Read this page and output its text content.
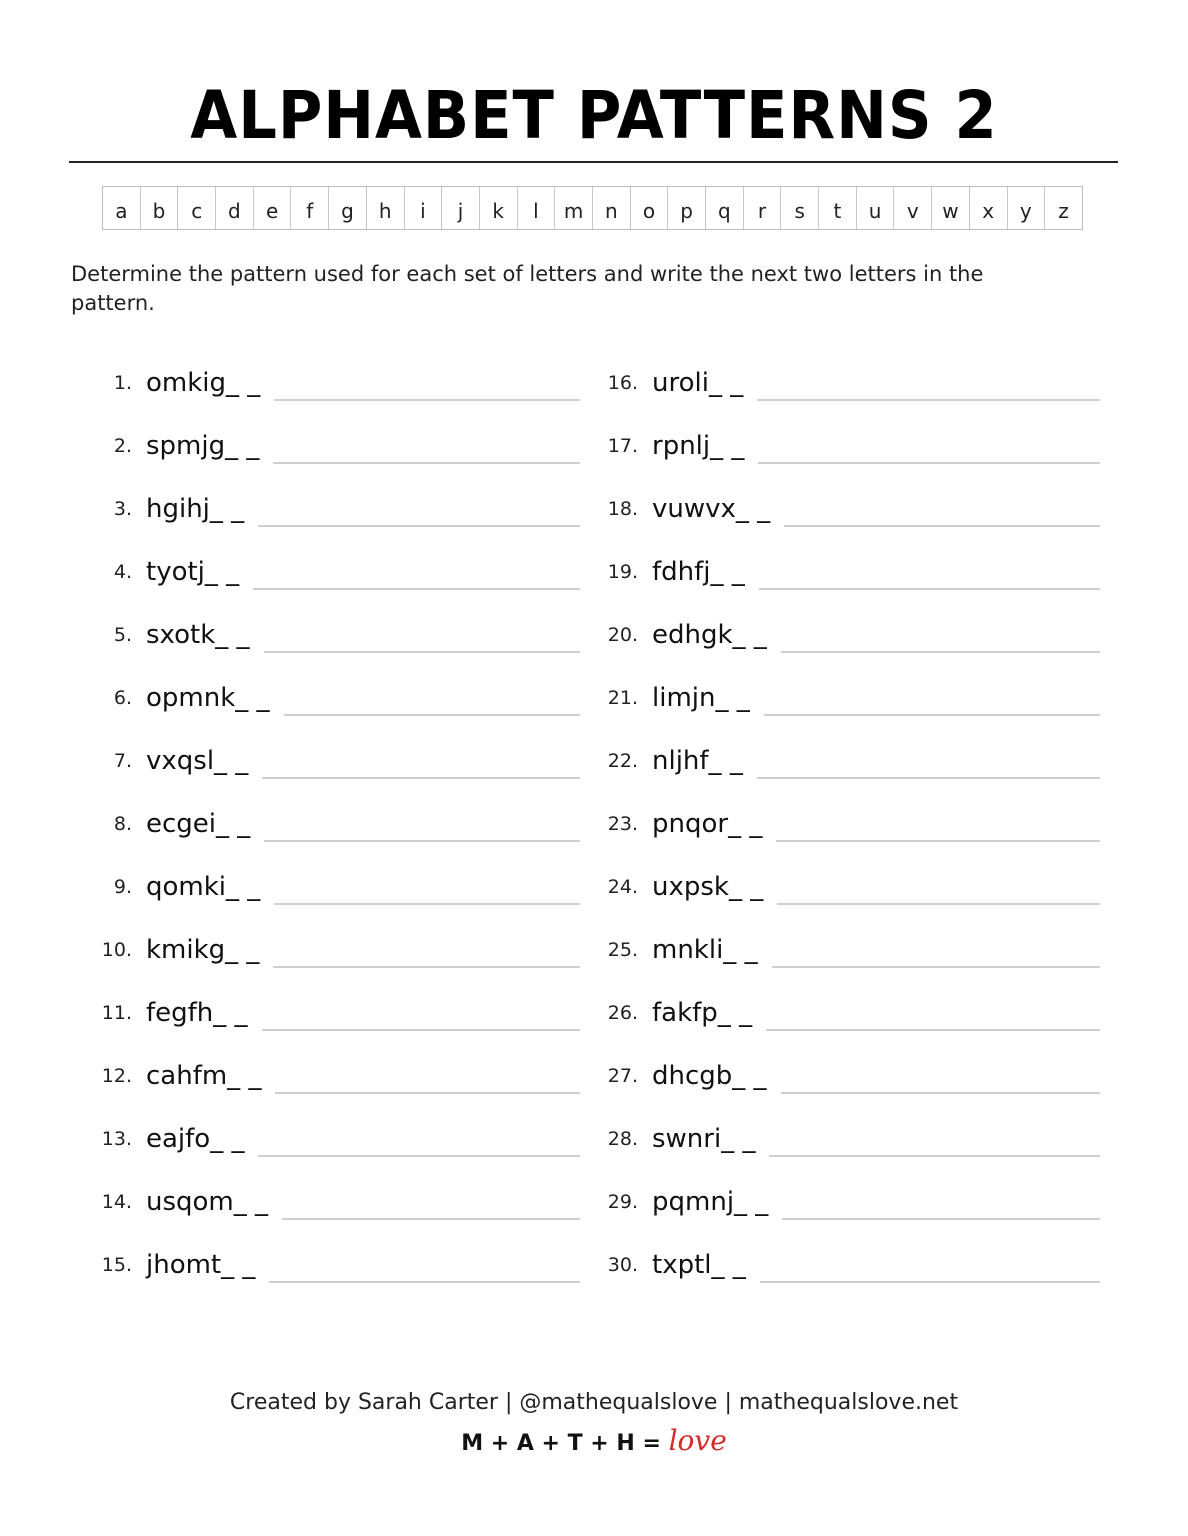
ALPHABET PATTERNS 2
a	b	c	d	e	f	g	h	i	j	k	l	m	n	o	p	q	r	s	t	u	v	w	x	y	z
Determine the pattern used for each set of letters and write the next two letters in the pattern.
1. omkig_ _
2. spmjg_ _
3. hgihj_ _
4. tyotj_ _
5. sxotk_ _
6. opmnk_ _
7. vxqsl_ _
8. ecgei_ _
9. qomki_ _
10. kmikg_ _
11. fegfh_ _
12. cahfm_ _
13. eajfo_ _
14. usqom_ _
15. jhomt_ _
16. uroli_ _
17. rpnlj_ _
18. vuwvx_ _
19. fdhfj_ _
20. edhgk_ _
21. limjn_ _
22. nljhf_ _
23. pnqor_ _
24. uxpsk_ _
25. mnkli_ _
26. fakfp_ _
27. dhcgb_ _
28. swnri_ _
29. pqmnj_ _
30. txptl_ _
Created by Sarah Carter | @mathequalslove | mathequalslove.net
M + A + T + H = love
